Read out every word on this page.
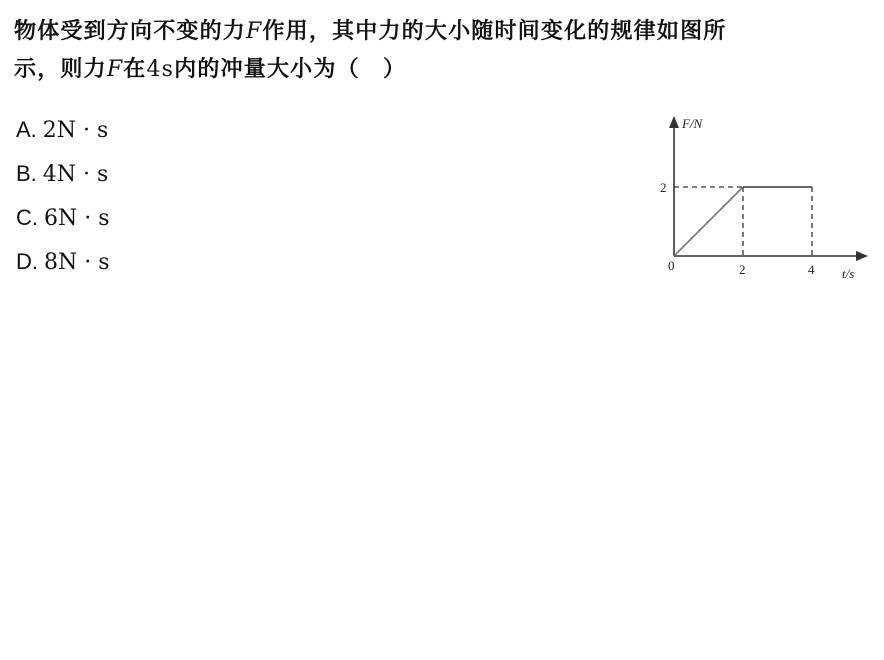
物体受到方向不变的力F作用，其中力的大小随时间变化的规律如图所
示，则力F在4s内的冲量大小为（　）
A. 2N · s
B. 4N · s
C. 6N · s
D. 8N · s
F/N
t/s
0	2	4
2
